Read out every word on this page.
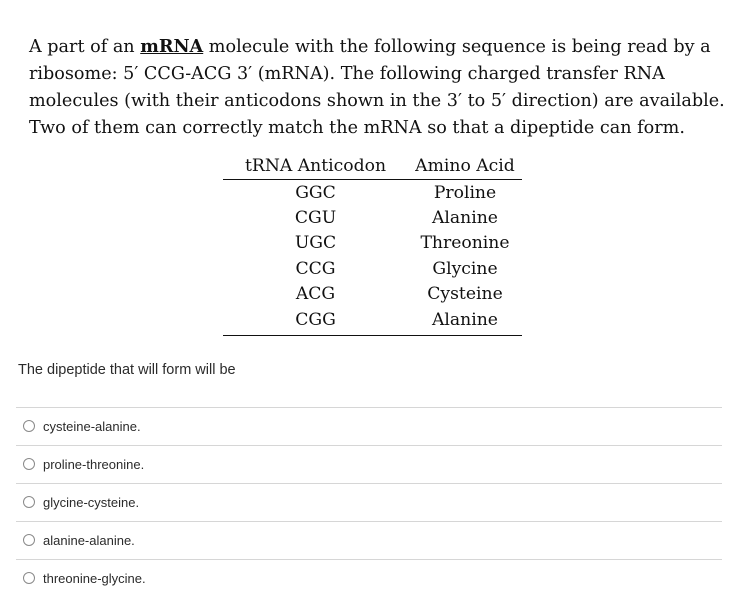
A part of an mRNA molecule with the following sequence is being read by a
ribosome: 5′ CCG-ACG 3′ (mRNA). The following charged transfer RNA
molecules (with their anticodons shown in the 3′ to 5′ direction) are available.
Two of them can correctly match the mRNA so that a dipeptide can form.
tRNA Anticodon	Amino Acid
GGC	Proline
CGU	Alanine
UGC	Threonine
CCG	Glycine
ACG	Cysteine
CGG	Alanine
The dipeptide that will form will be
cysteine-alanine.
proline-threonine.
glycine-cysteine.
alanine-alanine.
threonine-glycine.
